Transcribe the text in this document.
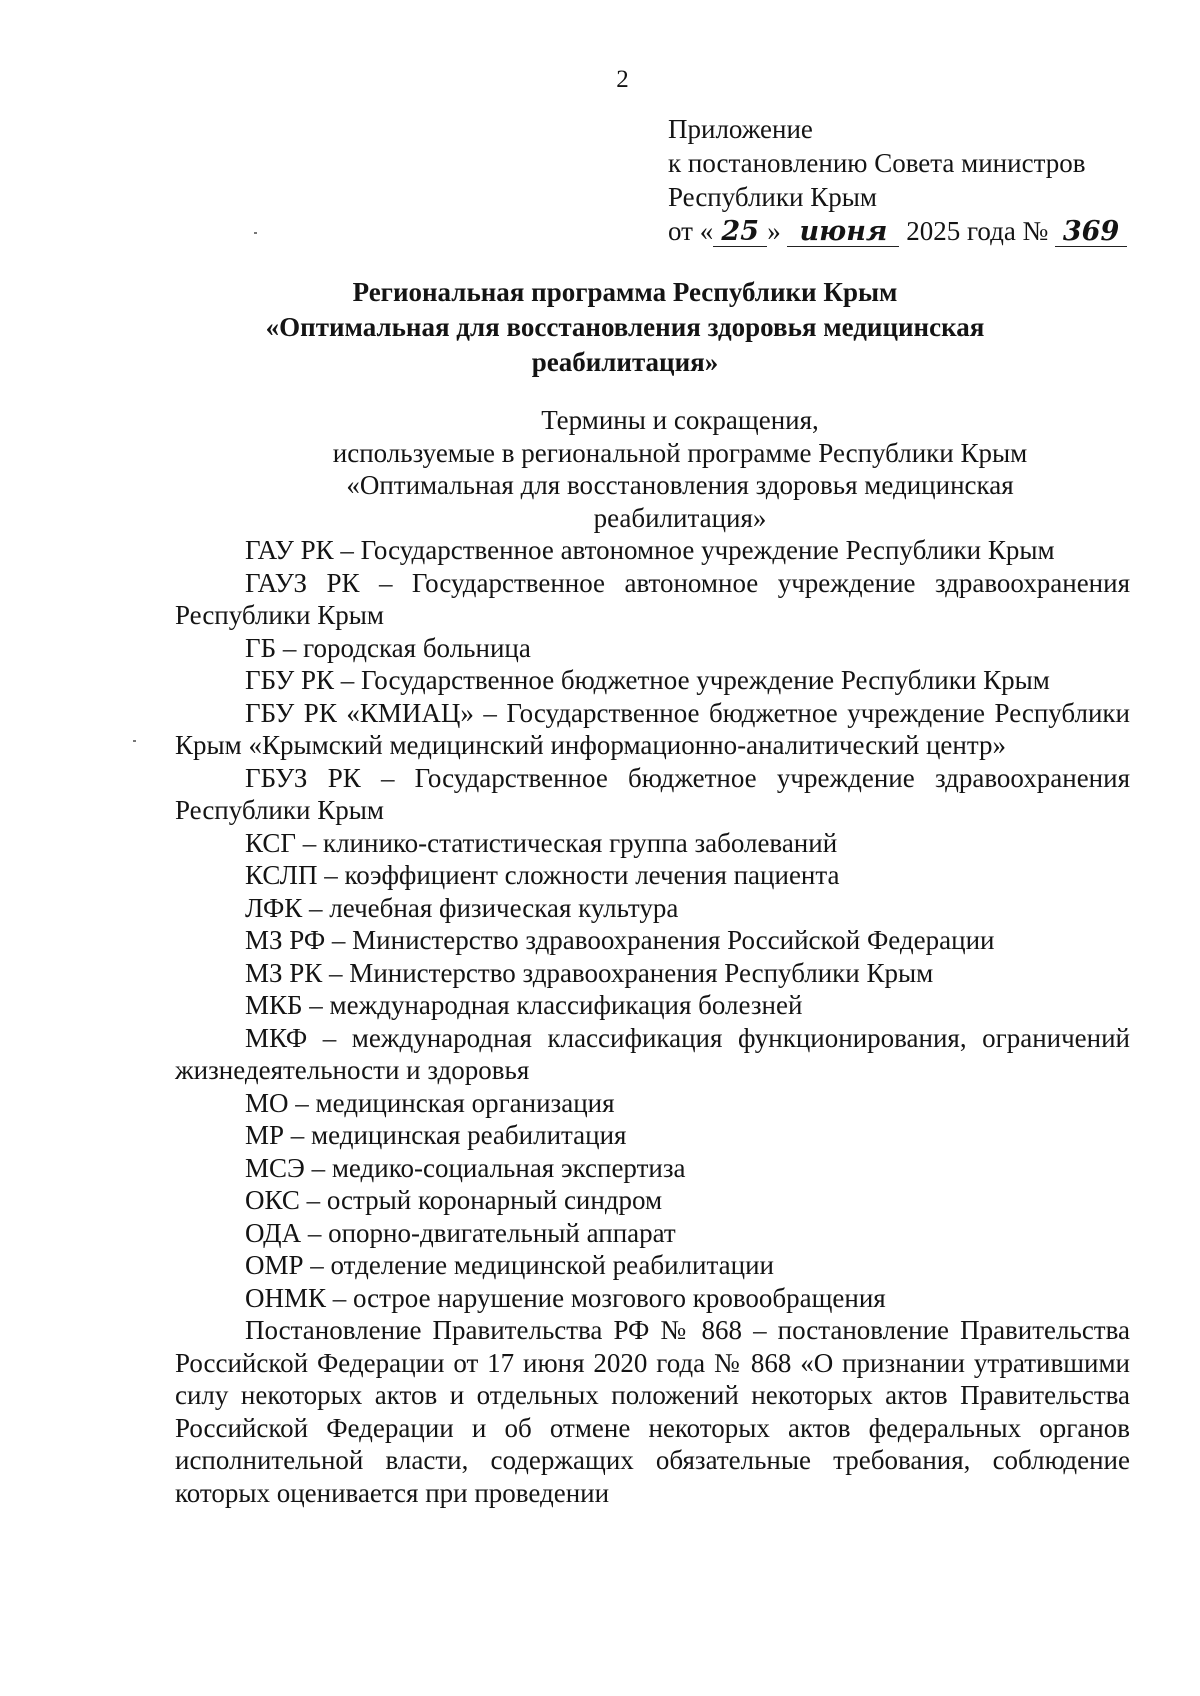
2
Приложение
к постановлению Совета министров
Республики Крым
от « 25 » июня 2025 года № 369
Региональная программа Республики Крым
«Оптимальная для восстановления здоровья медицинская
реабилитация»
Термины и сокращения,
используемые в региональной программе Республики Крым
«Оптимальная для восстановления здоровья медицинская
реабилитация»

ГАУ РК – Государственное автономное учреждение Республики Крым

ГАУЗ РК – Государственное автономное учреждение здравоохранения Республики Крым

ГБ – городская больница

ГБУ РК – Государственное бюджетное учреждение Республики Крым

ГБУ РК «КМИАЦ» – Государственное бюджетное учреждение Республики Крым «Крымский медицинский информационно-аналитический центр»

ГБУЗ РК – Государственное бюджетное учреждение здравоохранения Республики Крым

КСГ – клинико-статистическая группа заболеваний

КСЛП – коэффициент сложности лечения пациента

ЛФК – лечебная физическая культура

МЗ РФ – Министерство здравоохранения Российской Федерации

МЗ РК – Министерство здравоохранения Республики Крым

МКБ – международная классификация болезней

МКФ – международная классификация функционирования, ограничений жизнедеятельности и здоровья

МО – медицинская организация

МР – медицинская реабилитация

МСЭ – медико-социальная экспертиза

ОКС – острый коронарный синдром

ОДА – опорно-двигательный аппарат

ОМР – отделение медицинской реабилитации

ОНМК – острое нарушение мозгового кровообращения

Постановление Правительства РФ № 868 – постановление Правительства Российской Федерации от 17 июня 2020 года № 868 «О признании утратившими силу некоторых актов и отдельных положений некоторых актов Правительства Российской Федерации и об отмене некоторых актов федеральных органов исполнительной власти, содержащих обязательные требования, соблюдение которых оценивается при проведении
